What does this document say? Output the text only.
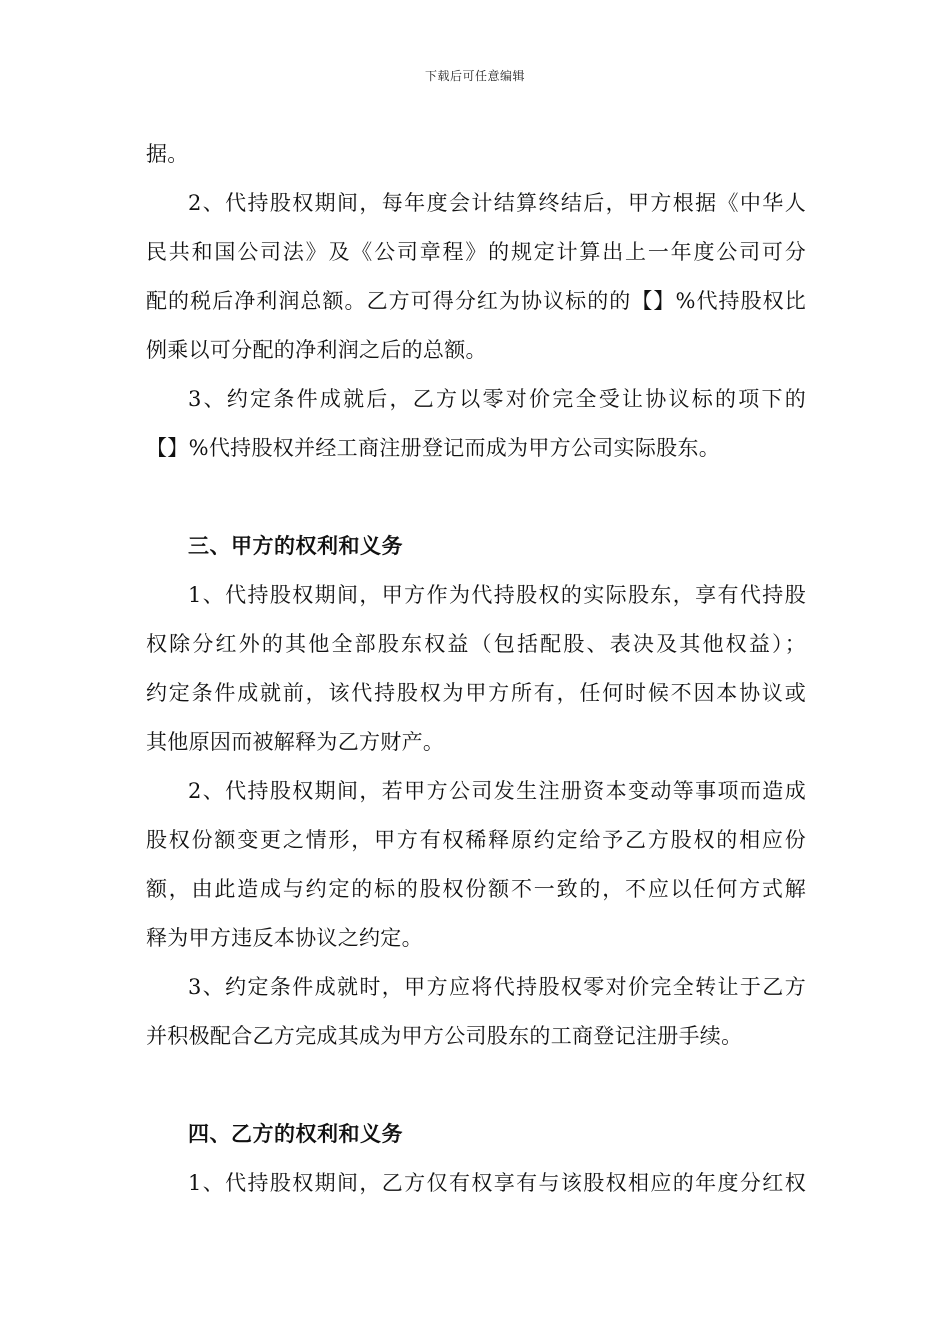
下载后可任意编辑
据。
2、代持股权期间，每年度会计结算终结后，甲方根据《中华人
民共和国公司法》及《公司章程》的规定计算出上一年度公司可分
配的税后净利润总额。乙方可得分红为协议标的的【】%代持股权比
例乘以可分配的净利润之后的总额。
3、约定条件成就后，乙方以零对价完全受让协议标的项下的
【】%代持股权并经工商注册登记而成为甲方公司实际股东。
三、甲方的权利和义务
1、代持股权期间，甲方作为代持股权的实际股东，享有代持股
权除分红外的其他全部股东权益（包括配股、表决及其他权益）；
约定条件成就前，该代持股权为甲方所有，任何时候不因本协议或
其他原因而被解释为乙方财产。
2、代持股权期间，若甲方公司发生注册资本变动等事项而造成
股权份额变更之情形，甲方有权稀释原约定给予乙方股权的相应份
额，由此造成与约定的标的股权份额不一致的，不应以任何方式解
释为甲方违反本协议之约定。
3、约定条件成就时，甲方应将代持股权零对价完全转让于乙方
并积极配合乙方完成其成为甲方公司股东的工商登记注册手续。
四、乙方的权利和义务
1、代持股权期间，乙方仅有权享有与该股权相应的年度分红权
